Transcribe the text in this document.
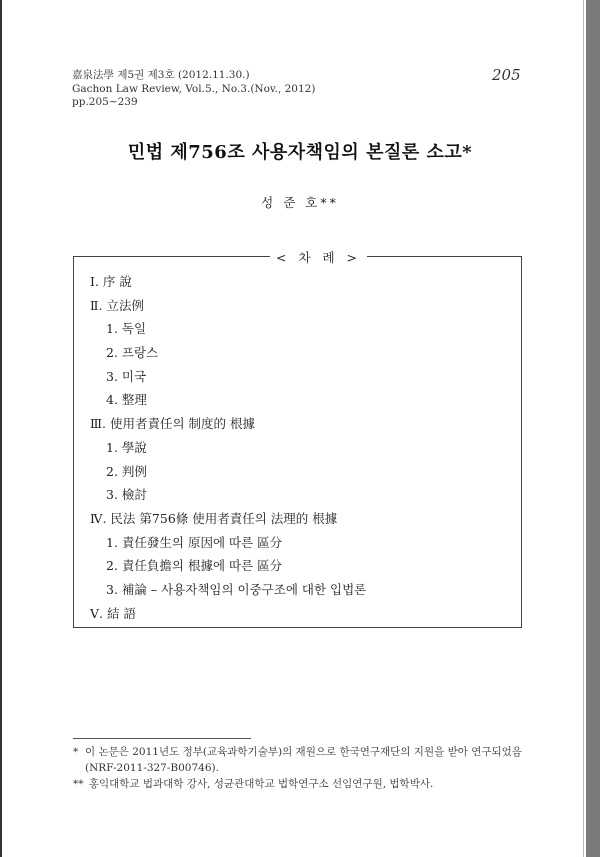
嘉泉法學 제5권 제3호 (2012.11.30.)
Gachon Law Review, Vol.5., No.3.(Nov., 2012)
pp.205~239
205
민법 제756조 사용자책임의 본질론 소고*
성 준 호**
< 차 례 >
Ⅰ. 序 說
Ⅱ. 立法例
1. 독일
2. 프랑스
3. 미국
4. 整理
Ⅲ. 使用者責任의 制度的 根據
1. 學說
2. 判例
3. 檢討
Ⅳ. 民法 第756條 使用者責任의 法理的 根據
1. 責任發生의 原因에 따른 區分
2. 責任負擔의 根據에 따른 區分
3. 補論 – 사용자책임의 이중구조에 대한 입법론
Ⅴ. 結 語
* 이 논문은 2011년도 정부(교육과학기술부)의 재원으로 한국연구재단의 지원을 받아 연구되었음(NRF-2011-327-B00746).
** 홍익대학교 법과대학 강사, 성균관대학교 법학연구소 선임연구원, 법학박사.
